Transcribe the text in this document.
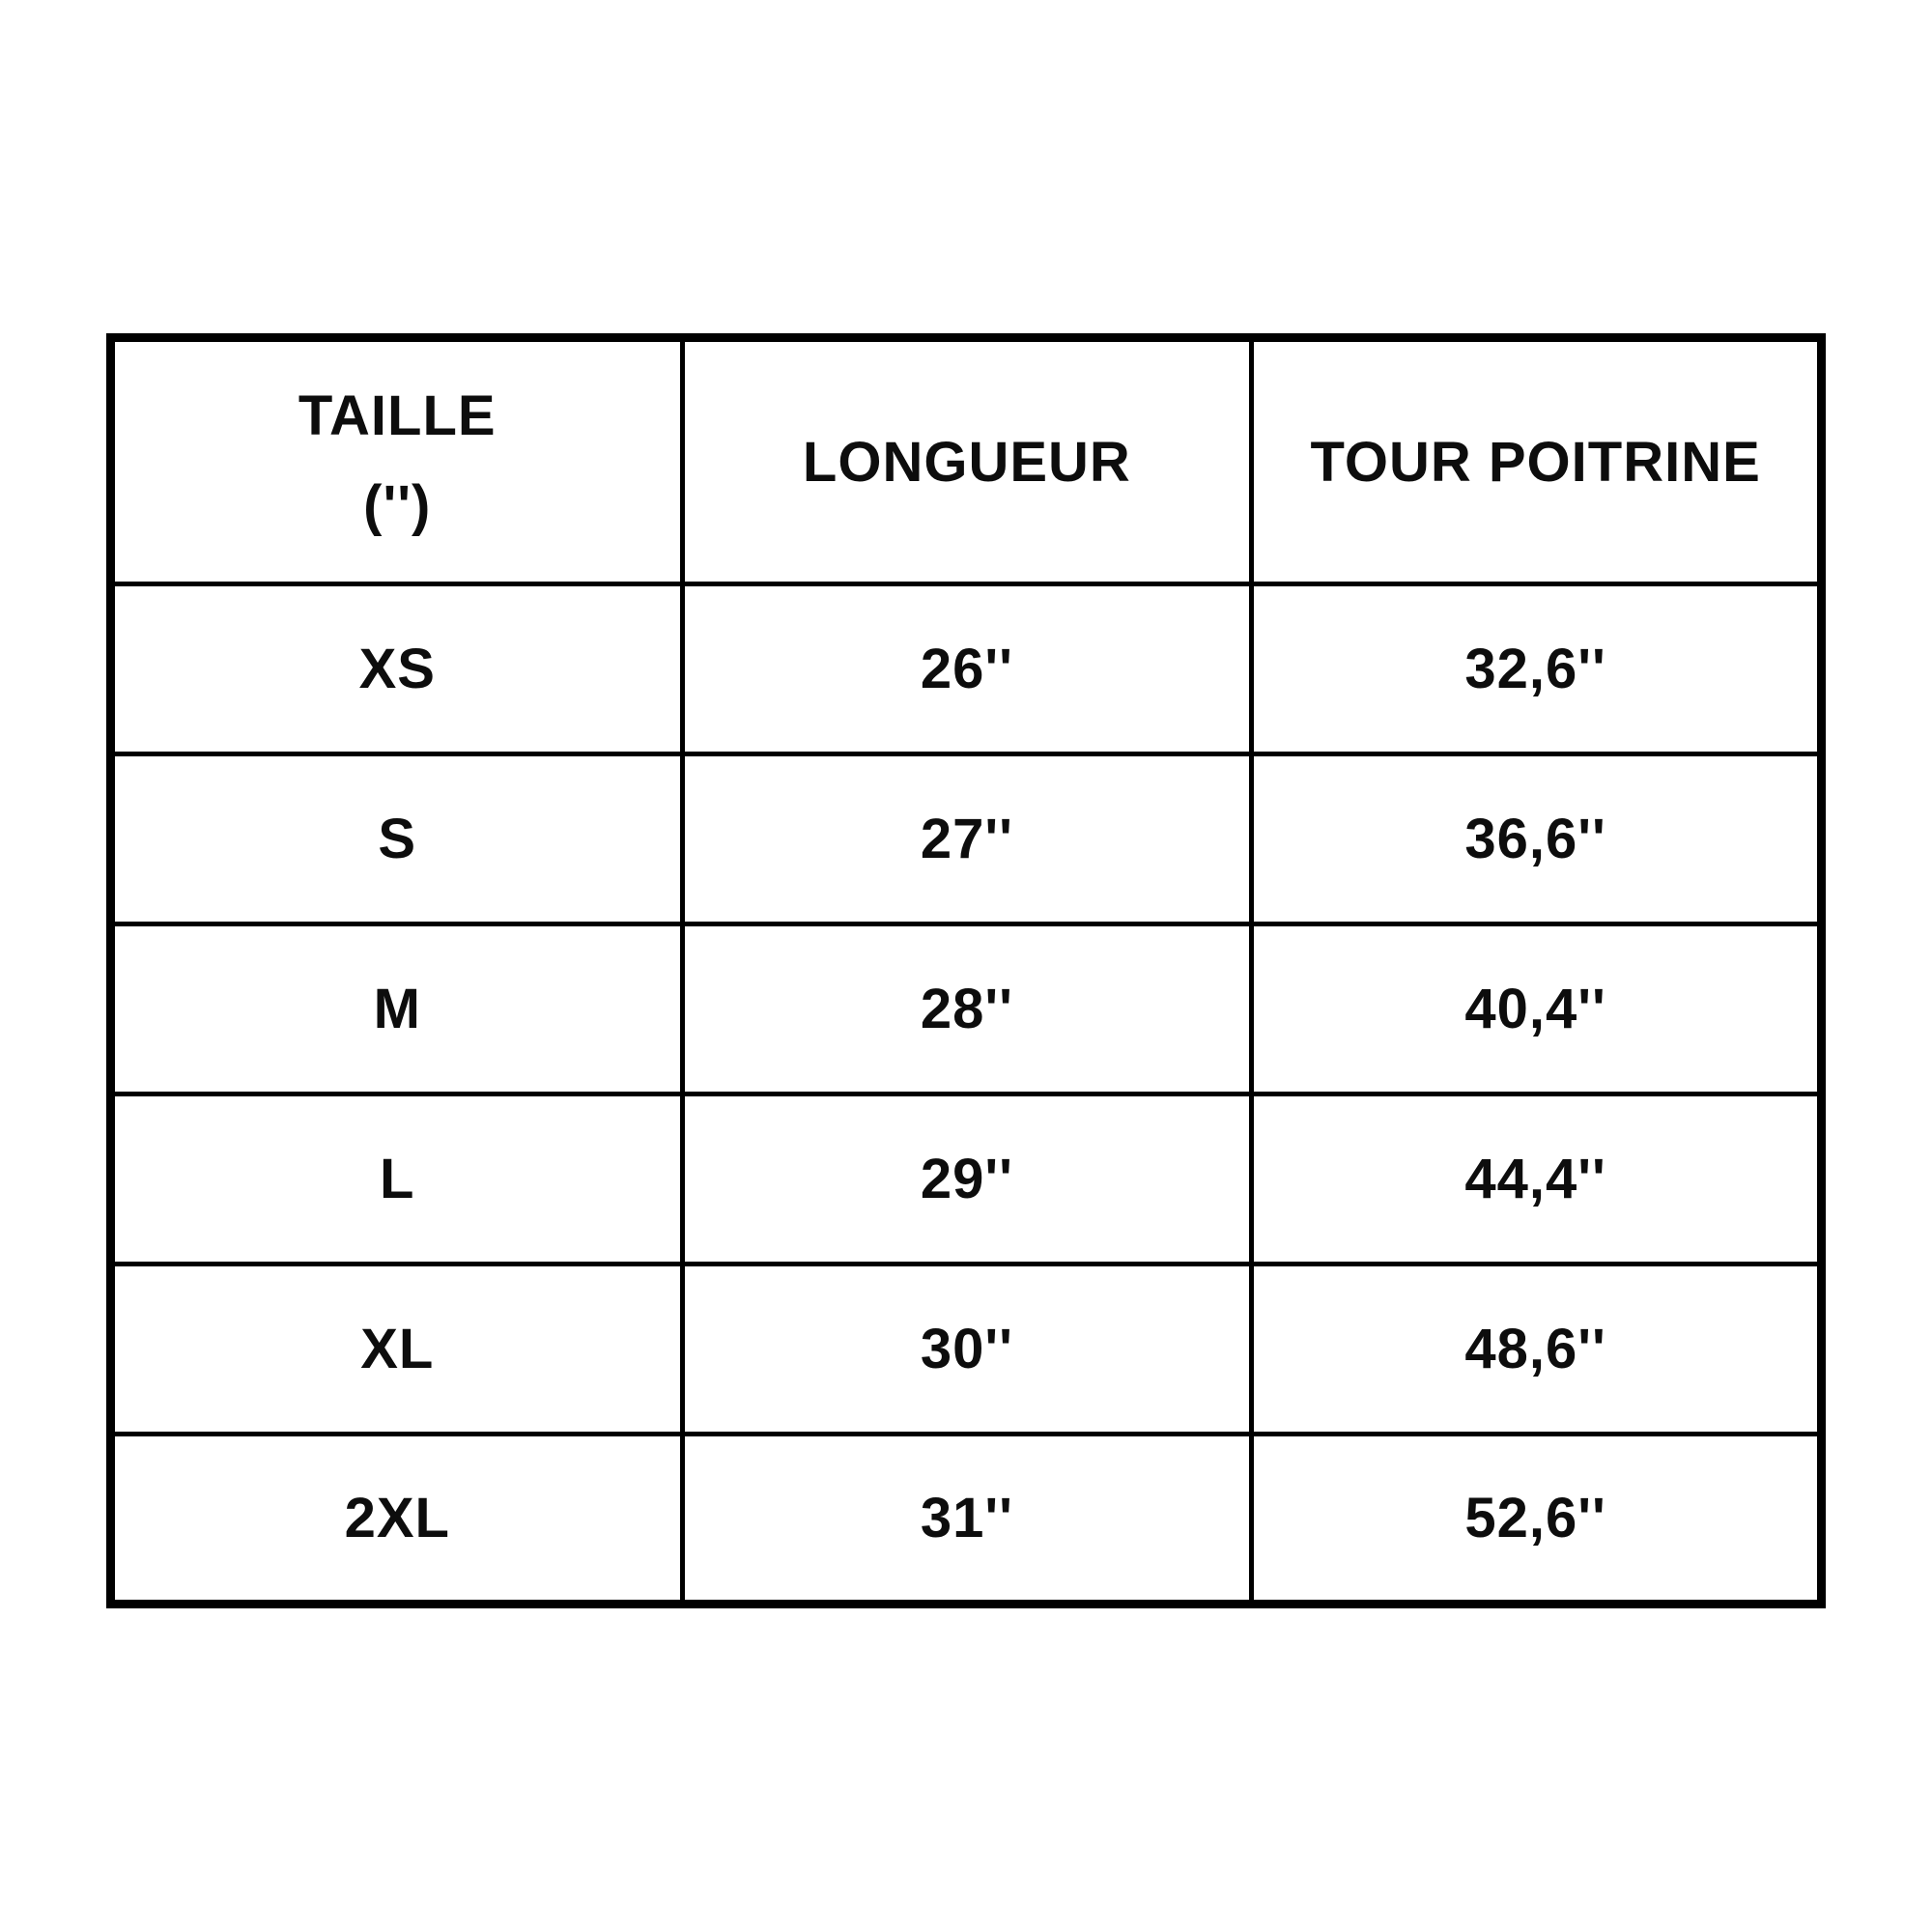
TAILLE
('')	LONGUEUR	TOUR POITRINE
XS	26''	32,6''
S	27''	36,6''
M	28''	40,4''
L	29''	44,4''
XL	30''	48,6''
2XL	31''	52,6''
